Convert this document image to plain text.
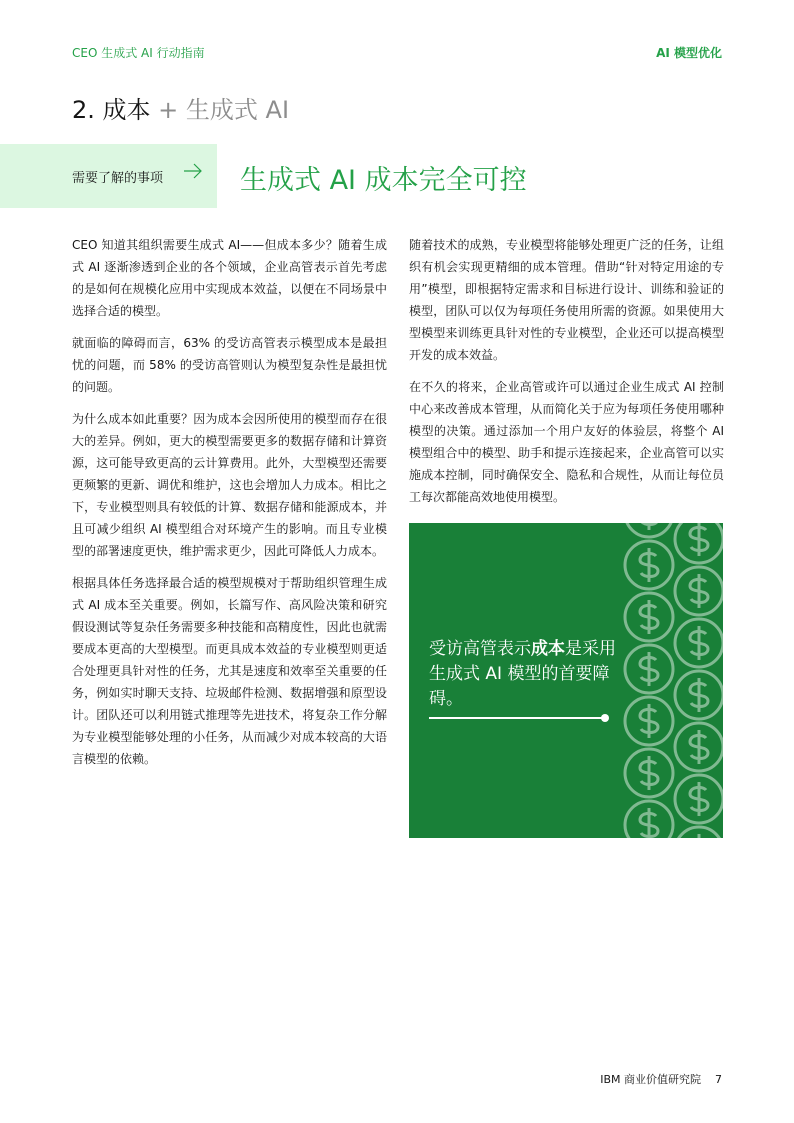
CEO 生成式 AI 行动指南	AI 模型优化
2. 成本 + 生成式 AI
需要了解的事项	生成式 AI 成本完全可控

CEO 知道其组织需要生成式 AI——但成本多少？随着生成式 AI 逐渐渗透到企业的各个领域，企业高管表示首先考虑的是如何在规模化应用中实现成本效益，以便在不同场景中选择合适的模型。

就面临的障碍而言，63% 的受访高管表示模型成本是最担忧的问题，而 58% 的受访高管则认为模型复杂性是最担忧的问题。

为什么成本如此重要？因为成本会因所使用的模型而存在很大的差异。例如，更大的模型需要更多的数据存储和计算资源，这可能导致更高的云计算费用。此外，大型模型还需要更频繁的更新、调优和维护，这也会增加人力成本。相比之下，专业模型则具有较低的计算、数据存储和能源成本，并且可减少组织 AI 模型组合对环境产生的影响。而且专业模型的部署速度更快，维护需求更少，因此可降低人力成本。

根据具体任务选择最合适的模型规模对于帮助组织管理生成式 AI 成本至关重要。例如，长篇写作、高风险决策和研究假设测试等复杂任务需要多种技能和高精度性，因此也就需要成本更高的大型模型。而更具成本效益的专业模型则更适合处理更具针对性的任务，尤其是速度和效率至关重要的任务，例如实时聊天支持、垃圾邮件检测、数据增强和原型设计。团队还可以利用链式推理等先进技术，将复杂工作分解为专业模型能够处理的小任务，从而减少对成本较高的大语言模型的依赖。

随着技术的成熟，专业模型将能够处理更广泛的任务，让组织有机会实现更精细的成本管理。借助“针对特定用途的专用”模型，即根据特定需求和目标进行设计、训练和验证的模型，团队可以仅为每项任务使用所需的资源。如果使用大型模型来训练更具针对性的专业模型，企业还可以提高模型开发的成本效益。

在不久的将来，企业高管或许可以通过企业生成式 AI 控制中心来改善成本管理，从而简化关于应为每项任务使用哪种模型的决策。通过添加一个用户友好的体验层，将整个 AI 模型组合中的模型、助手和提示连接起来，企业高管可以实施成本控制，同时确保安全、隐私和合规性，从而让每位员工每次都能高效地使用模型。

受访高管表示成本是采用生成式 AI 模型的首要障碍。
IBM 商业价值研究院 7
